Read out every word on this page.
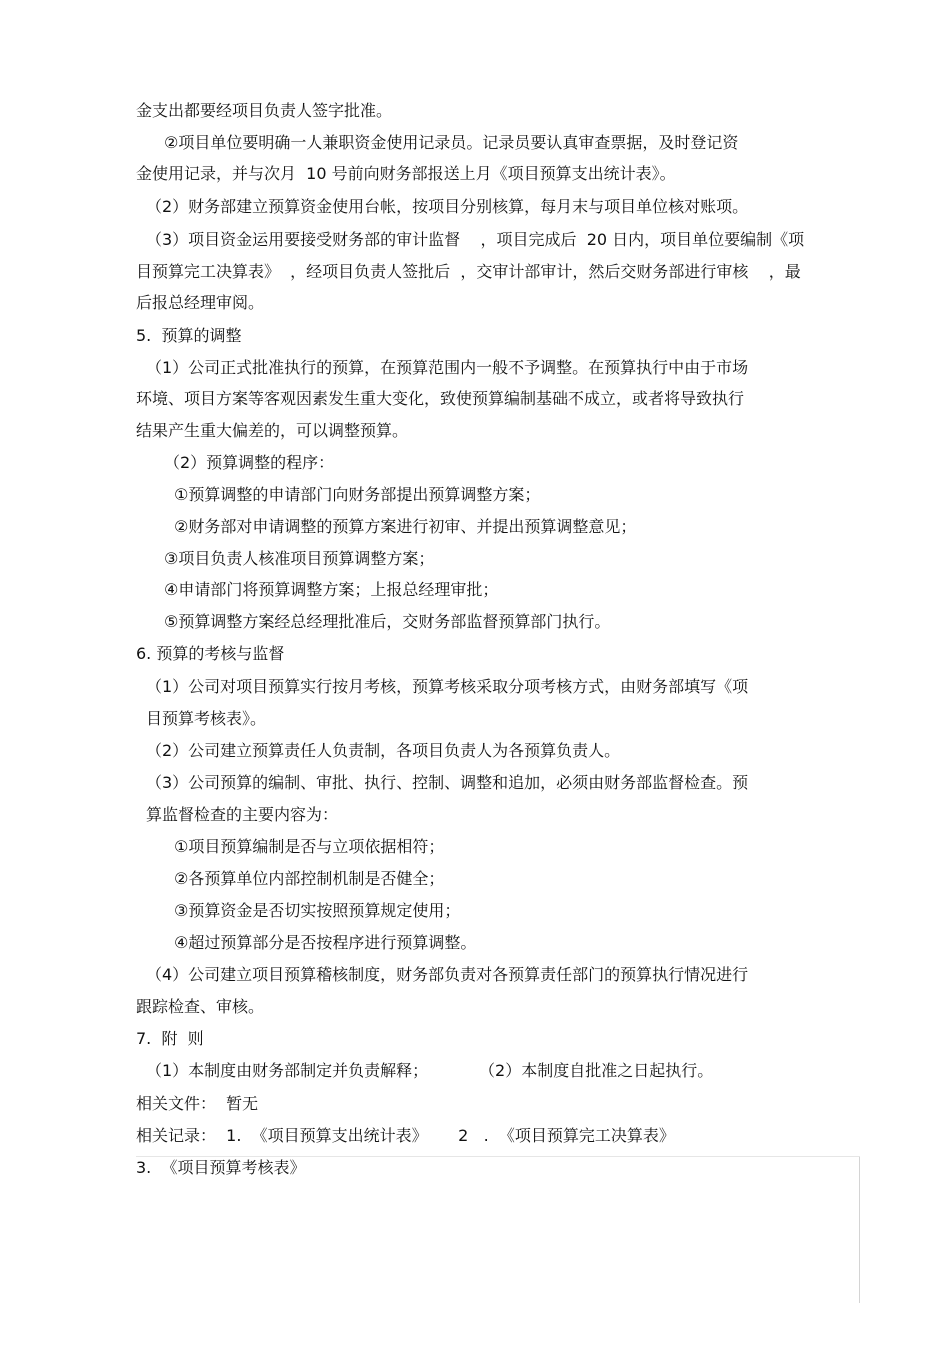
金支出都要经项目负责人签字批准。
②项目单位要明确一人兼职资金使用记录员。记录员要认真审查票据，及时登记资
金使用记录，并与次月  10 号前向财务部报送上月《项目预算支出统计表》。
（2）财务部建立预算资金使用台帐，按项目分别核算，每月末与项目单位核对账项。
（3）项目资金运用要接受财务部的审计监督    ，项目完成后  20 日内，项目单位要编制《项
目预算完工决算表》  ，经项目负责人签批后  ，交审计部审计，然后交财务部进行审核    ，最
后报总经理审阅。
5.  预算的调整
（1）公司正式批准执行的预算，在预算范围内一般不予调整。在预算执行中由于市场
环境、项目方案等客观因素发生重大变化，致使预算编制基础不成立，或者将导致执行
结果产生重大偏差的，可以调整预算。
（2）预算调整的程序：
①预算调整的申请部门向财务部提出预算调整方案；
②财务部对申请调整的预算方案进行初审、并提出预算调整意见；
③项目负责人核准项目预算调整方案；
④申请部门将预算调整方案；上报总经理审批；
⑤预算调整方案经总经理批准后，交财务部监督预算部门执行。
6. 预算的考核与监督
（1）公司对项目预算实行按月考核，预算考核采取分项考核方式，由财务部填写《项
目预算考核表》。
（2）公司建立预算责任人负责制，各项目负责人为各预算负责人。
（3）公司预算的编制、审批、执行、控制、调整和追加，必须由财务部监督检查。预
算监督检查的主要内容为：
①项目预算编制是否与立项依据相符；
②各预算单位内部控制机制是否健全；
③预算资金是否切实按照预算规定使用；
④超过预算部分是否按程序进行预算调整。
（4）公司建立项目预算稽核制度，财务部负责对各预算责任部门的预算执行情况进行
跟踪检查、审核。
7.  附  则
（1）本制度由财务部制定并负责解释；          （2）本制度自批准之日起执行。
相关文件：  暂无
相关记录：  1.  《项目预算支出统计表》      2   .  《项目预算完工决算表》
3.  《项目预算考核表》
